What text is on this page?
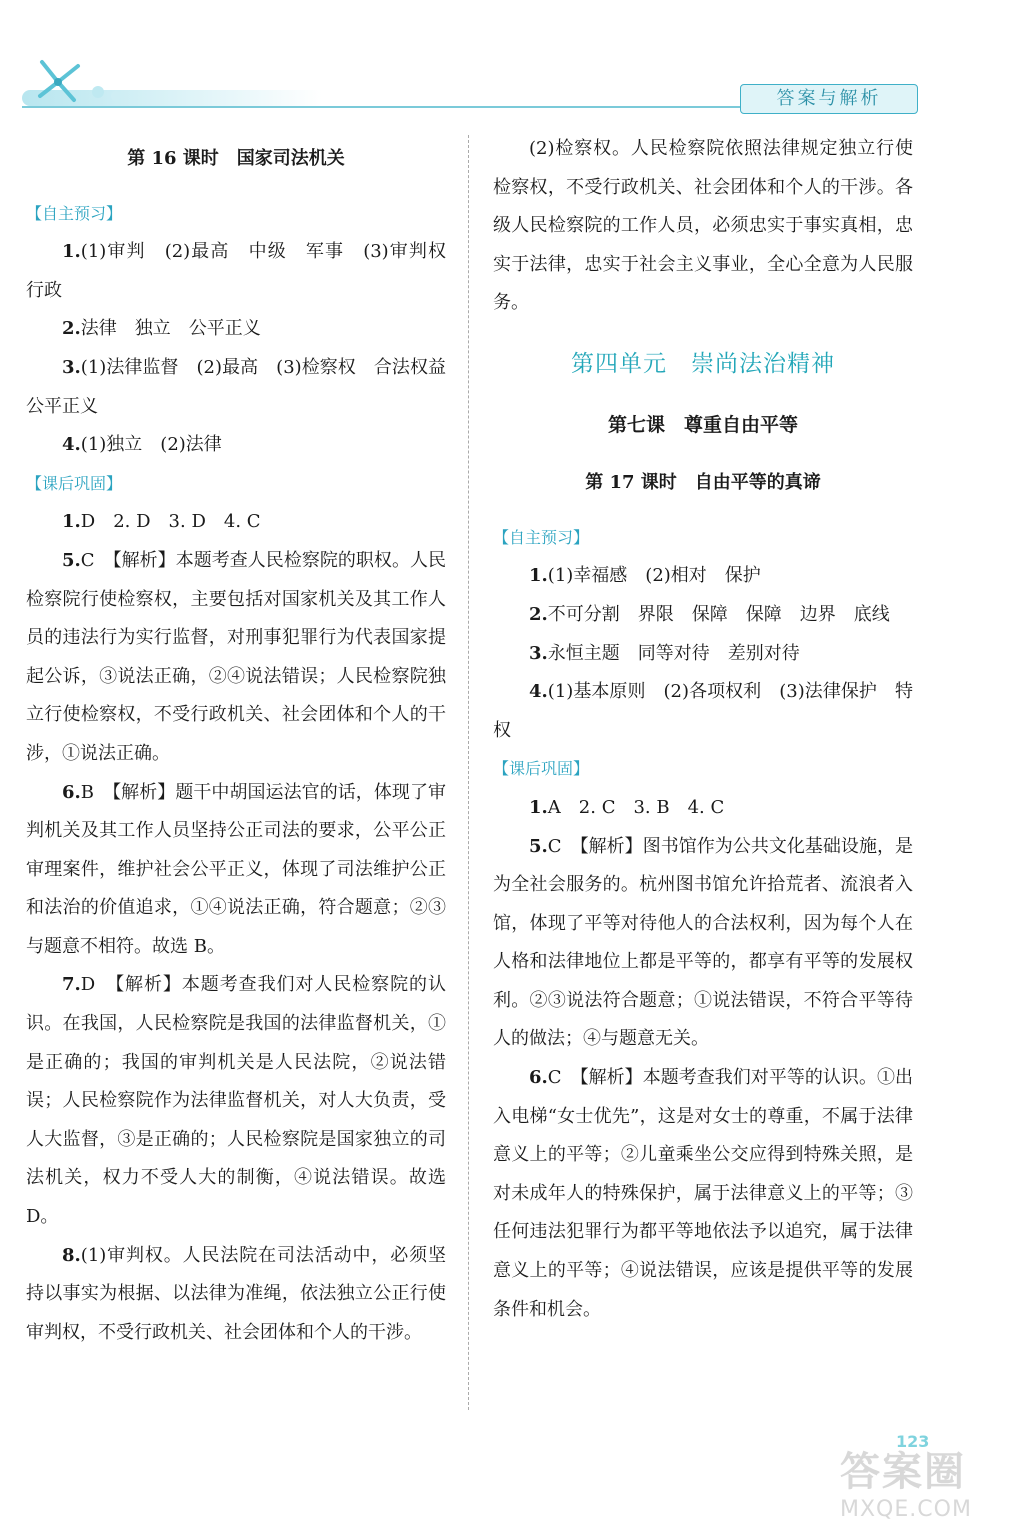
答案与解析

第 16 课时　国家司法机关

【自主预习】

1.(1)审判　(2)最高　中级　军事　(3)审判权　行政

2.法律　独立　公平正义

3.(1)法律监督　(2)最高　(3)检察权　合法权益　公平正义

4.(1)独立　(2)法律

【课后巩固】

1.D　2. D　3. D　4. C

5.C　【解析】本题考查人民检察院的职权。人民检察院行使检察权，主要包括对国家机关及其工作人员的违法行为实行监督，对刑事犯罪行为代表国家提起公诉，③说法正确，②④说法错误；人民检察院独立行使检察权，不受行政机关、社会团体和个人的干涉，①说法正确。

6.B　【解析】题干中胡国运法官的话，体现了审判机关及其工作人员坚持公正司法的要求，公平公正审理案件，维护社会公平正义，体现了司法维护公正和法治的价值追求，①④说法正确，符合题意；②③与题意不相符。故选 B。

7.D　【解析】本题考查我们对人民检察院的认识。在我国，人民检察院是我国的法律监督机关，①是正确的；我国的审判机关是人民法院，②说法错误；人民检察院作为法律监督机关，对人大负责，受人大监督，③是正确的；人民检察院是国家独立的司法机关，权力不受人大的制衡，④说法错误。故选 D。

8.(1)审判权。人民法院在司法活动中，必须坚持以事实为根据、以法律为准绳，依法独立公正行使审判权，不受行政机关、社会团体和个人的干涉。

(2)检察权。人民检察院依照法律规定独立行使检察权，不受行政机关、社会团体和个人的干涉。各级人民检察院的工作人员，必须忠实于事实真相，忠实于法律，忠实于社会主义事业，全心全意为人民服务。

第四单元　崇尚法治精神

第七课　尊重自由平等

第 17 课时　自由平等的真谛

【自主预习】

1.(1)幸福感　(2)相对　保护

2.不可分割　界限　保障　保障　边界　底线

3.永恒主题　同等对待　差别对待

4.(1)基本原则　(2)各项权利　(3)法律保护　特权

【课后巩固】

1.A　2. C　3. B　4. C

5.C　【解析】图书馆作为公共文化基础设施，是为全社会服务的。杭州图书馆允许拾荒者、流浪者入馆，体现了平等对待他人的合法权利，因为每个人在人格和法律地位上都是平等的，都享有平等的发展权利。②③说法符合题意；①说法错误，不符合平等待人的做法；④与题意无关。

6.C　【解析】本题考查我们对平等的认识。①出入电梯“女士优先”，这是对女士的尊重，不属于法律意义上的平等；②儿童乘坐公交应得到特殊关照，是对未成年人的特殊保护，属于法律意义上的平等；③任何违法犯罪行为都平等地依法予以追究，属于法律意义上的平等；④说法错误，应该是提供平等的发展条件和机会。

123
答案圈
MXQE.COM
